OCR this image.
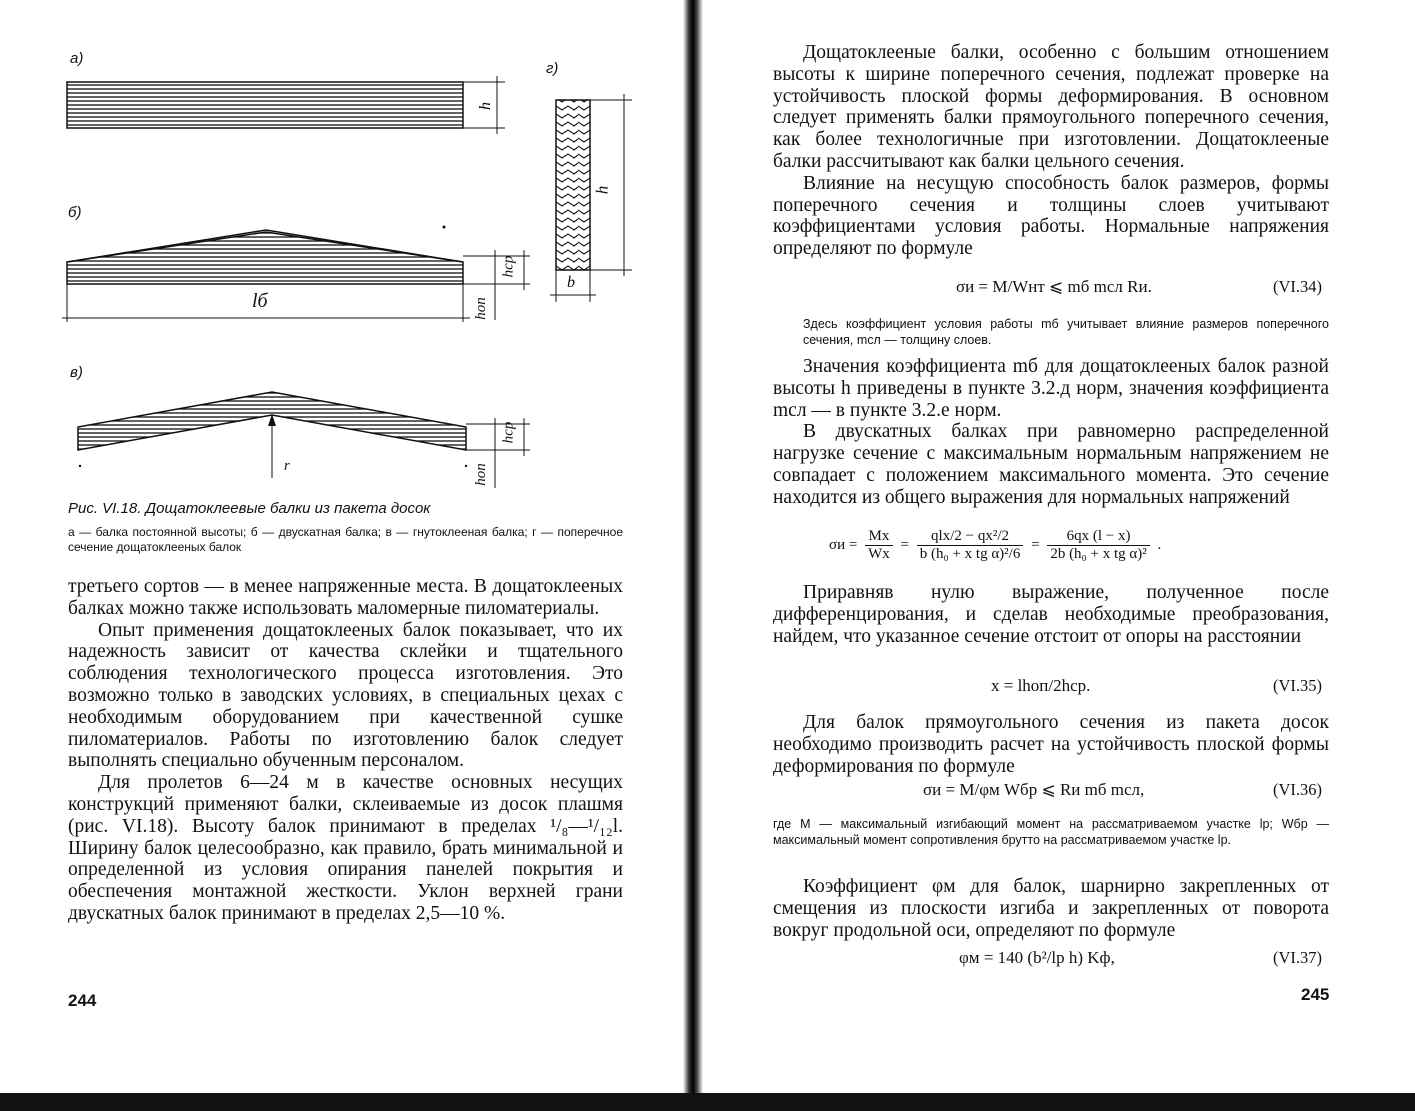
h
а)
г)
б)
в)
lб
h
b
hср
hоп
hср
hоп
r
Рис. VI.18. Дощатоклеевые балки из пакета досок
а — балка постоянной высоты; б — двускатная балка; в — гнутоклееная балка; г — поперечное сечение дощатоклееных балок

третьего сортов — в менее напряженные места. В дощатоклееных балках можно также использовать маломерные пиломатериалы.

Опыт применения дощатоклееных балок показывает, что их надежность зависит от качества склейки и тщательного соблюдения технологического процесса изготовления. Это возможно только в заводских условиях, в специальных цехах с необходимым оборудованием при качественной сушке пиломатериалов. Работы по изготовлению балок следует выполнять специально обученным персоналом.

Для пролетов 6—24 м в качестве основных несущих конструкций применяют балки, склеиваемые из досок плашмя (рис. VI.18). Высоту балок принимают в пределах ¹/₈—¹/₁₂l. Ширину балок целесообразно, как правило, брать минимальной и определенной из условия опирания панелей покрытия и обеспечения монтажной жесткости. Уклон верхней грани двускатных балок принимают в пределах 2,5—10 %.

244

Дощатоклееные балки, особенно с большим отношением высоты к ширине поперечного сечения, подлежат проверке на устойчивость плоской формы деформирования. В основном следует применять балки прямоугольного поперечного сечения, как более технологичные при изготовлении. Дощатоклееные балки рассчитывают как балки цельного сечения.

Влияние на несущую способность балок размеров, формы поперечного сечения и толщины слоев учитывают коэффициентами условия работы. Нормальные напряжения определяют по формуле

σи = M/Wнт ⩽ mб mсл Rи.	(VI.34)
Здесь коэффициент условия работы mб учитывает влияние размеров поперечного сечения, mсл — толщину слоев.

Значения коэффициента mб для дощатоклееных балок разной высоты h приведены в пункте 3.2.д норм, значения коэффициента mсл — в пункте 3.2.е норм.

В двускатных балках при равномерно распределенной нагрузке сечение с максимальным нормальным напряжением не совпадает с положением максимального момента. Это сечение находится из общего выражения для нормальных напряжений

$\sigma и = \frac{Mx}{Wx} = \frac{\text{qlx/2 − qx²/2}}{\text{b (h₀ + x tg α)²/6}} = \frac{6qx (l - x)}{\text{2b (h₀ + x tg α)²}}$ .

Приравняв нулю выражение, полученное после дифференцирования, и сделав необходимые преобразования, найдем, что указанное сечение отстоит от опоры на расстоянии

x = lhоп/2hср.	(VI.35)

Для балок прямоугольного сечения из пакета досок необходимо производить расчет на устойчивость плоской формы деформирования по формуле

σи = M/φм Wбр ⩽ Rи mб mсл,	(VI.36)
где M — максимальный изгибающий момент на рассматриваемом участке lр; Wбр — максимальный момент сопротивления брутто на рассматриваемом участке lр.

Коэффициент φм для балок, шарнирно закрепленных от смещения из плоскости изгиба и закрепленных от поворота вокруг продольной оси, определяют по формуле

φм = 140 (b²/lр h) Kф,	(VI.37)
245
